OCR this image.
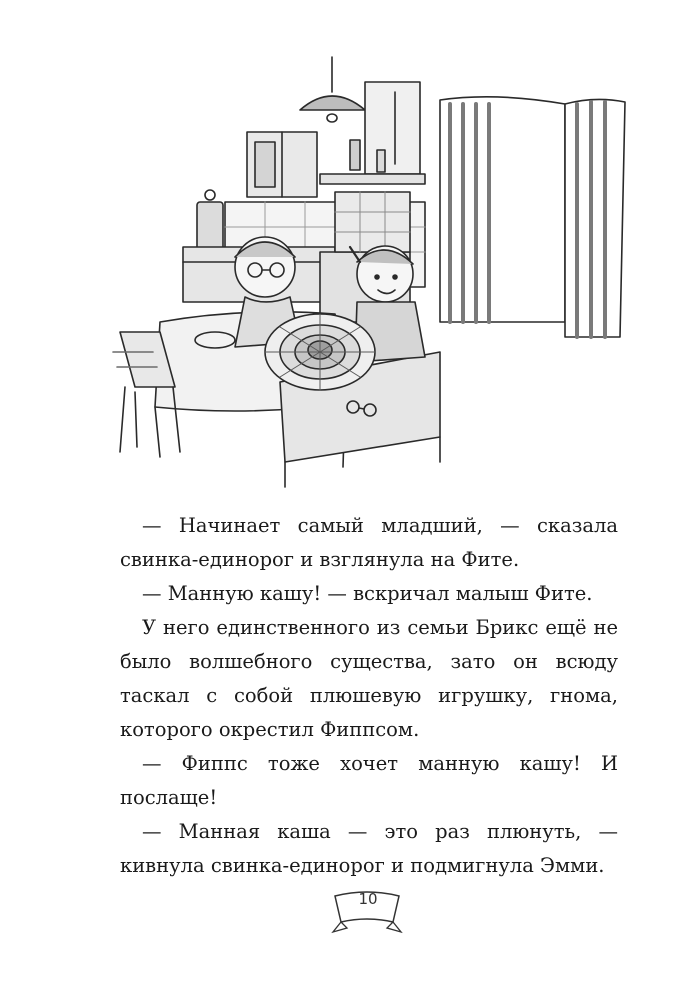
— Начинает самый младший, — сказала свинка-единорог и взглянула на Фите.

— Манную кашу! — вскричал малыш Фите.

У него единственного из семьи Брикс ещё не было волшебного существа, зато он всюду таскал с собой плюшевую игрушку, гнома, которого окрестил Фиппсом.

— Фиппс тоже хочет манную кашу! И послаще!

— Манная каша — это раз плюнуть, — кивнула свинка-единорог и подмигнула Эмми.

10
